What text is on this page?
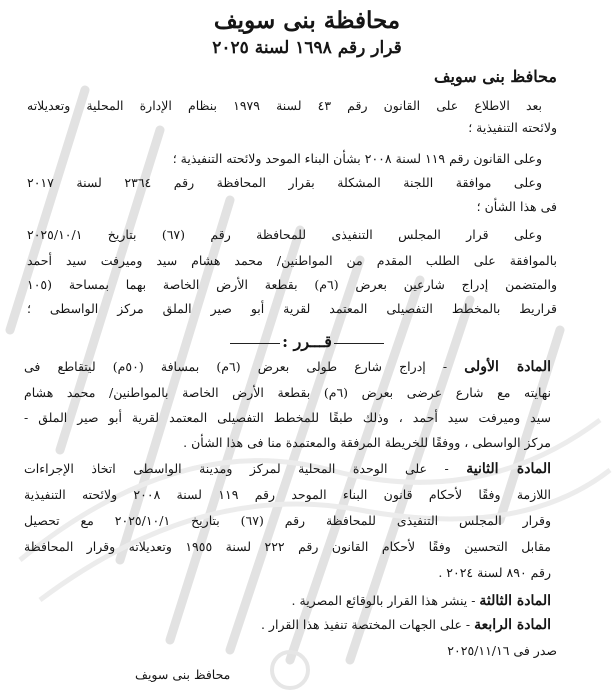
محافظة بنى سويف
قرار رقم ١٦٩٨ لسنة ٢٠٢٥
محافظ بنى سويف
بعد الاطلاع على القانون رقم ٤٣ لسنة ١٩٧٩ بنظام الإدارة المحلية وتعديلاته
ولائحته التنفيذية ؛
وعلى القانون رقم ١١٩ لسنة ٢٠٠٨ بشأن البناء الموحد ولائحته التنفيذية ؛
وعلى موافقة اللجنة المشكلة بقرار المحافظة رقم ٢٣٦٤ لسنة ٢٠١٧
فى هذا الشأن ؛
وعلى قرار المجلس التنفيذى للمحافظة رقم (٦٧) بتاريخ ٢٠٢٥/١٠/١
بالموافقة على الطلب المقدم من المواطنين/ محمد هشام سيد وميرفت سيد أحمد
والمتضمن إدراج شارعين بعرض (٦م) بقطعة الأرض الخاصة بهما بمساحة (١٠٥
قراريط بالمخطط التفصيلى المعتمد لقرية أبو صير الملق مركز الواسطى ؛
قـــرر :
المادة الأولى - إدراج شارع طولى بعرض (٦م) بمسافة (٥٠م) ليتقاطع فى
نهايته مع شارع عرضى بعرض (٦م) بقطعة الأرض الخاصة بالمواطنين/ محمد هشام
سيد وميرفت سيد أحمد ، وذلك طبقًا للمخطط التفصيلى المعتمد لقرية أبو صير الملق -
مركز الواسطى ، ووفقًا للخريطة المرفقة والمعتمدة منا فى هذا الشأن .
المادة الثانية - على الوحدة المحلية لمركز ومدينة الواسطى اتخاذ الإجراءات
اللازمة وفقًا لأحكام قانون البناء الموحد رقم ١١٩ لسنة ٢٠٠٨ ولائحته التنفيذية
وقرار المجلس التنفيذى للمحافظة رقم (٦٧) بتاريخ ٢٠٢٥/١٠/١ مع تحصيل
مقابل التحسين وفقًا لأحكام القانون رقم ٢٢٢ لسنة ١٩٥٥ وتعديلاته وقرار المحافظة
رقم ٨٩٠ لسنة ٢٠٢٤ .
المادة الثالثة - ينشر هذا القرار بالوقائع المصرية .
المادة الرابعة - على الجهات المختصة تنفيذ هذا القرار .
صدر فى ٢٠٢٥/١١/١٦
محافظ بنى سويف
